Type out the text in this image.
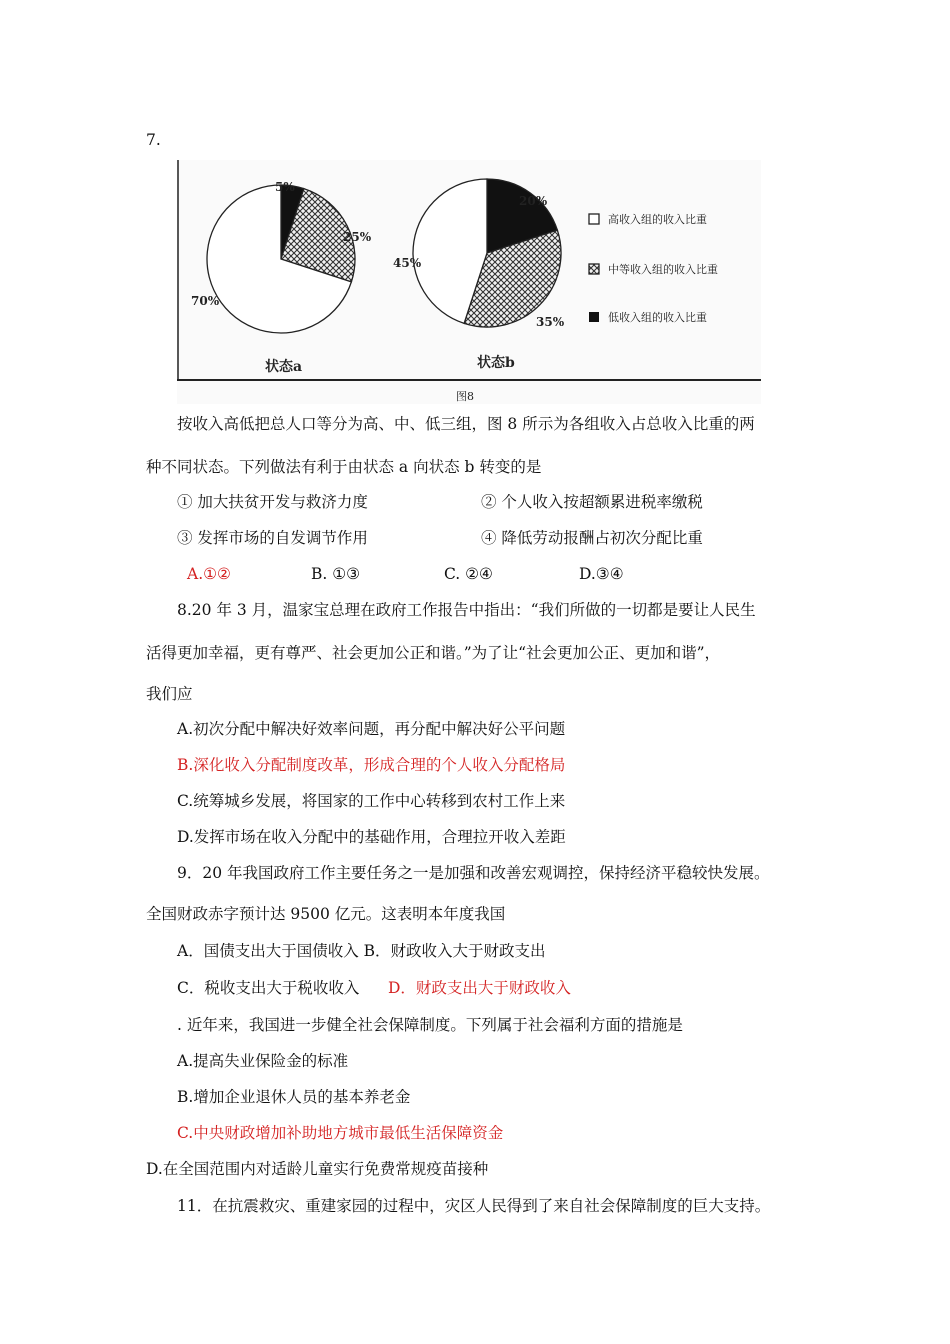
7.
5%
25%
70%
状态a
20%
35%
45%
状态b
高收入组的收入比重
中等收入组的收入比重
低收入组的收入比重
图8
按收入高低把总人口等分为高、中、低三组，图 8 所示为各组收入占总收入比重的两
种不同状态。下列做法有利于由状态 a 向状态 b 转变的是
① 加大扶贫开发与救济力度	② 个人收入按超额累进税率缴税
③ 发挥市场的自发调节作用	④ 降低劳动报酬占初次分配比重
A.①②	B. ①③	C. ②④	D.③④
8.20 年 3 月，温家宝总理在政府工作报告中指出：“我们所做的一切都是要让人民生
活得更加幸福，更有尊严、社会更加公正和谐。”为了让“社会更加公正、更加和谐”，
我们应
A.初次分配中解决好效率问题，再分配中解决好公平问题
B.深化收入分配制度改革，形成合理的个人收入分配格局
C.统筹城乡发展，将国家的工作中心转移到农村工作上来
D.发挥市场在收入分配中的基础作用，合理拉开收入差距
9．20 年我国政府工作主要任务之一是加强和改善宏观调控，保持经济平稳较快发展。
全国财政赤字预计达 9500 亿元。这表明本年度我国
A．国债支出大于国债收入 B．财政收入大于财政支出
C．税收支出大于税收收入 D．财政支出大于财政收入
. 近年来，我国进一步健全社会保障制度。下列属于社会福利方面的措施是
A.提高失业保险金的标准
B.增加企业退休人员的基本养老金
C.中央财政增加补助地方城市最低生活保障资金
D.在全国范围内对适龄儿童实行免费常规疫苗接种
11．在抗震救灾、重建家园的过程中，灾区人民得到了来自社会保障制度的巨大支持。
